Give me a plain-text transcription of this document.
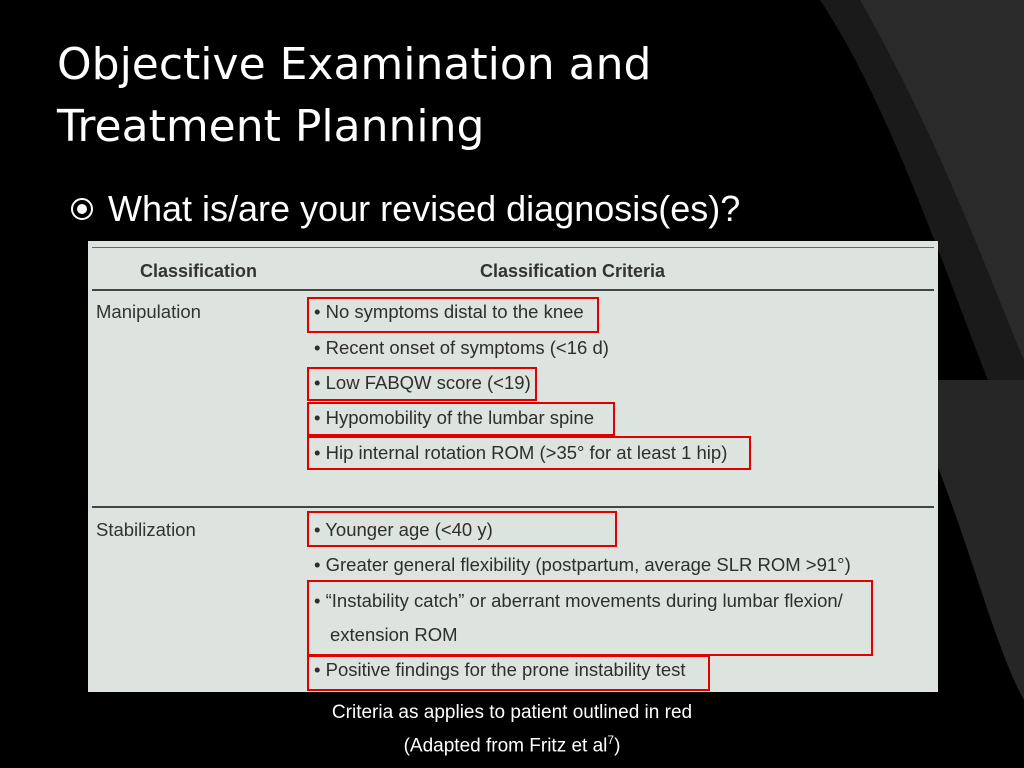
Objective Examination and Treatment Planning
What is/are your revised diagnosis(es)?
Classification	Classification Criteria
Manipulation	• No symptoms distal to the knee
• Recent onset of symptoms (<16 d)
• Low FABQW score (<19)
• Hypomobility of the lumbar spine
• Hip internal rotation ROM (>35° for at least 1 hip)
Stabilization	• Younger age (<40 y)
• Greater general flexibility (postpartum, average SLR ROM >91°)
• “Instability catch” or aberrant movements during lumbar flexion/
extension ROM
• Positive findings for the prone instability test
Criteria as applies to patient outlined in red
(Adapted from Fritz et $al^7$)
